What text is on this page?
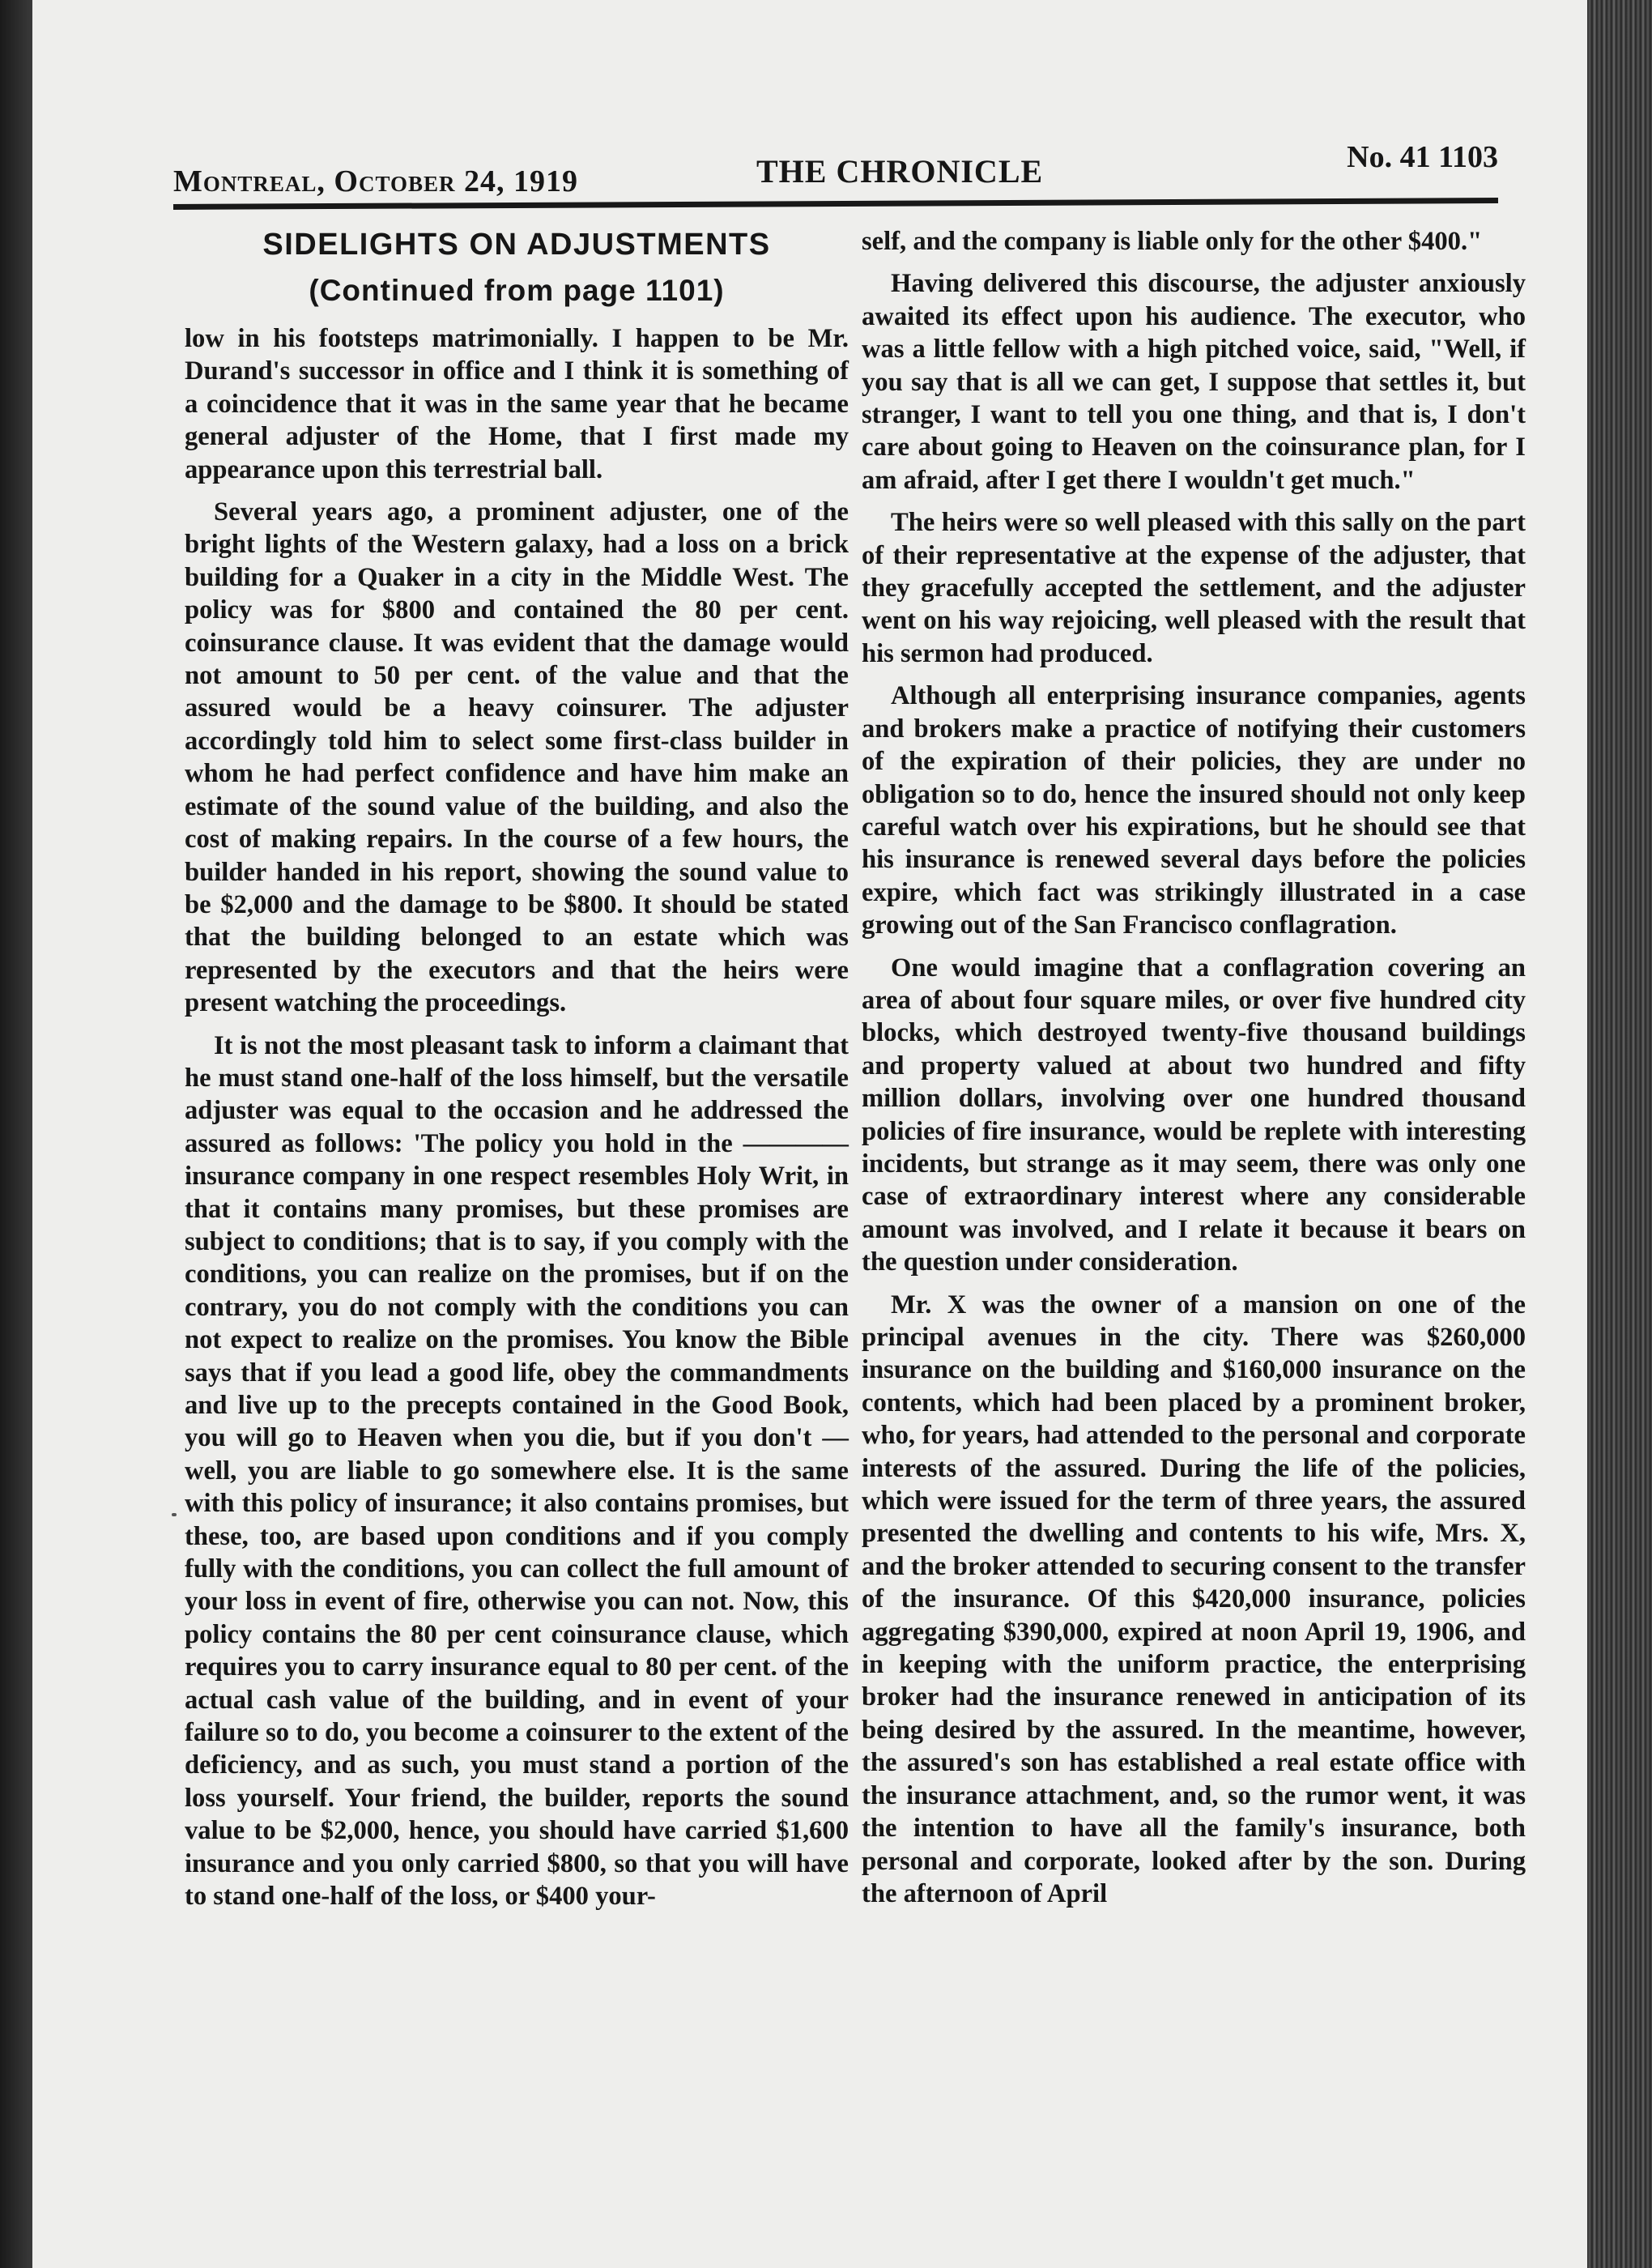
Montreal, October 24, 1919	THE CHRONICLE	No. 41 1103
SIDELIGHTS ON ADJUSTMENTS
(Continued from page 1101)

low in his footsteps matrimonially. I happen to be Mr. Durand's successor in office and I think it is something of a coincidence that it was in the same year that he became general adjuster of the Home, that I first made my appearance upon this terrestrial ball.

Several years ago, a prominent adjuster, one of the bright lights of the Western galaxy, had a loss on a brick building for a Quaker in a city in the Middle West. The policy was for $800 and contained the 80 per cent. coinsurance clause. It was evident that the damage would not amount to 50 per cent. of the value and that the assured would be a heavy coinsurer. The adjuster accordingly told him to select some first-class builder in whom he had perfect confidence and have him make an estimate of the sound value of the building, and also the cost of making repairs. In the course of a few hours, the builder handed in his report, showing the sound value to be $2,000 and the damage to be $800. It should be stated that the building belonged to an estate which was represented by the executors and that the heirs were present watching the proceedings.

It is not the most pleasant task to inform a claimant that he must stand one-half of the loss himself, but the versatile adjuster was equal to the occasion and he addressed the assured as follows: 'The policy you hold in the ———— insurance company in one respect resembles Holy Writ, in that it contains many promises, but these promises are subject to conditions; that is to say, if you comply with the conditions, you can realize on the promises, but if on the contrary, you do not comply with the conditions you can not expect to realize on the promises. You know the Bible says that if you lead a good life, obey the commandments and live up to the precepts contained in the Good Book, you will go to Heaven when you die, but if you don't —well, you are liable to go somewhere else. It is the same with this policy of insurance; it also contains promises, but these, too, are based upon conditions and if you comply fully with the conditions, you can collect the full amount of your loss in event of fire, otherwise you can not. Now, this policy contains the 80 per cent coinsurance clause, which requires you to carry insurance equal to 80 per cent. of the actual cash value of the building, and in event of your failure so to do, you become a coinsurer to the extent of the deficiency, and as such, you must stand a portion of the loss yourself. Your friend, the builder, reports the sound value to be $2,000, hence, you should have carried $1,600 insurance and you only carried $800, so that you will have to stand one-half of the loss, or $400 your-

self, and the company is liable only for the other $400."

Having delivered this discourse, the adjuster anxiously awaited its effect upon his audience. The executor, who was a little fellow with a high pitched voice, said, "Well, if you say that is all we can get, I suppose that settles it, but stranger, I want to tell you one thing, and that is, I don't care about going to Heaven on the coinsurance plan, for I am afraid, after I get there I wouldn't get much."

The heirs were so well pleased with this sally on the part of their representative at the expense of the adjuster, that they gracefully accepted the settlement, and the adjuster went on his way rejoicing, well pleased with the result that his sermon had produced.

Although all enterprising insurance companies, agents and brokers make a practice of notifying their customers of the expiration of their policies, they are under no obligation so to do, hence the insured should not only keep careful watch over his expirations, but he should see that his insurance is renewed several days before the policies expire, which fact was strikingly illustrated in a case growing out of the San Francisco conflagration.

One would imagine that a conflagration covering an area of about four square miles, or over five hundred city blocks, which destroyed twenty-five thousand buildings and property valued at about two hundred and fifty million dollars, involving over one hundred thousand policies of fire insurance, would be replete with interesting incidents, but strange as it may seem, there was only one case of extraordinary interest where any considerable amount was involved, and I relate it because it bears on the question under consideration.

Mr. X was the owner of a mansion on one of the principal avenues in the city. There was $260,000 insurance on the building and $160,000 insurance on the contents, which had been placed by a prominent broker, who, for years, had attended to the personal and corporate interests of the assured. During the life of the policies, which were issued for the term of three years, the assured presented the dwelling and contents to his wife, Mrs. X, and the broker attended to securing consent to the transfer of the insurance. Of this $420,000 insurance, policies aggregating $390,000, expired at noon April 19, 1906, and in keeping with the uniform practice, the enterprising broker had the insurance renewed in anticipation of its being desired by the assured. In the meantime, however, the assured's son has established a real estate office with the insurance attachment, and, so the rumor went, it was the intention to have all the family's insurance, both personal and corporate, looked after by the son. During the afternoon of April
